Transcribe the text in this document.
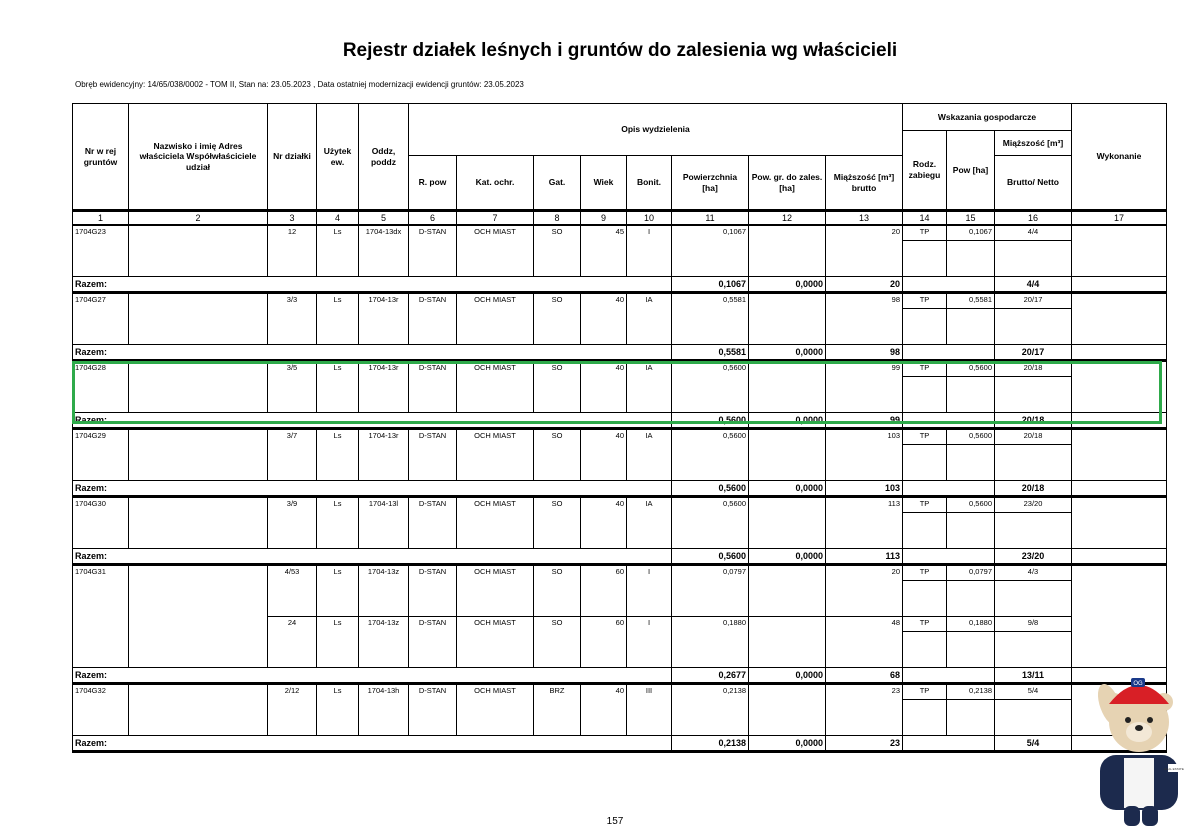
Rejestr działek leśnych i gruntów do zalesienia wg właścicieli
Obręb ewidencyjny: 14/65/038/0002 - TOM II, Stan na: 23.05.2023 , Data ostatniej modernizacji ewidencji gruntów: 23.05.2023
Nr w rej gruntów	Nazwisko i imię Adres właściciela Współwłaściciele udział	Nr działki	Użytek ew.	Oddz, poddz	Opis wydzielenia								Wskazania gospodarcze			Wykonanie
													Rodz. zabiegu	Pow [ha]	Miąższość [m³]	
					R. pow	Kat. ochr.	Gat.	Wiek	Bonit.	Powierzchnia [ha]	Pow. gr. do zales. [ha]	Miąższość [m³] brutto			Brutto/ Netto	
1	2	3	4	5	6	7	8	9	10	11	12	13	14	15	16	17
1704G23		12	Ls	1704-13dx	D-STAN	OCH MIAST	SO	45	I	0,1067		20	TP	0,1067	4/4	

Razem:										0,1067	0,0000	20			4/4	
1704G27		3/3	Ls	1704-13r	D-STAN	OCH MIAST	SO	40	IA	0,5581		98	TP	0,5581	20/17	

Razem:										0,5581	0,0000	98			20/17	
1704G28		3/5	Ls	1704-13r	D-STAN	OCH MIAST	SO	40	IA	0,5600		99	TP	0,5600	20/18	

Razem:										0,5600	0,0000	99			20/18	
1704G29		3/7	Ls	1704-13r	D-STAN	OCH MIAST	SO	40	IA	0,5600		103	TP	0,5600	20/18	

Razem:										0,5600	0,0000	103			20/18	
1704G30		3/9	Ls	1704-13l	D-STAN	OCH MIAST	SO	40	IA	0,5600		113	TP	0,5600	23/20	

Razem:										0,5600	0,0000	113			23/20	
1704G31		4/53	Ls	1704-13z	D-STAN	OCH MIAST	SO	60	I	0,0797		20	TP	0,0797	4/3	

		24	Ls	1704-13z	D-STAN	OCH MIAST	SO	60	I	0,1880		48	TP	0,1880	9/8	

Razem:										0,2677	0,0000	68			13/11	
1704G32		2/12	Ls	1704-13h	D-STAN	OCH MIAST	BRZ	40	III	0,2138		23	TP	0,2138	5/4	

Razem:										0,2138	0,0000	23			5/4	
157
OG
REAL ESTATE
